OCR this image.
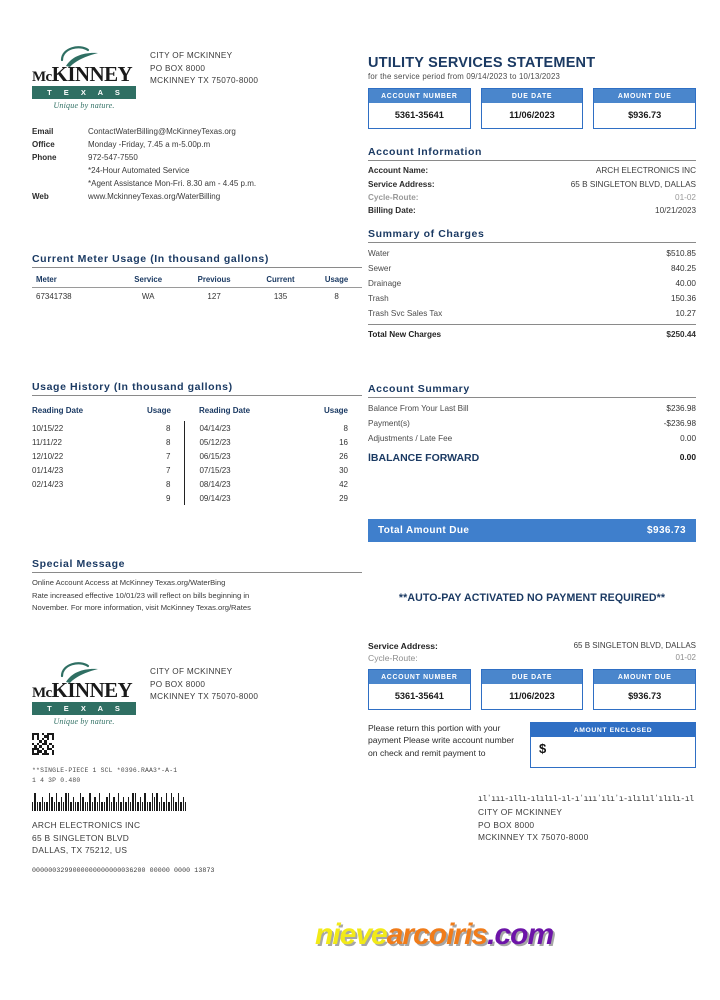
McKINNEY
T E X A S
Unique by nature.
CITY OF MCKINNEY
PO BOX 8000
MCKINNEY TX 75070-8000
Email	ContactWaterBilling@McKinneyTexas.org
Office	Monday -Friday, 7.45 a m-5.00p.m
Phone	972-547-7550
*24-Hour Automated Service
*Agent Assistance Mon-Fri. 8.30 am - 4.45 p.m.
Web	www.MckinneyTexas.org/WaterBilling
Current Meter Usage (In thousand gallons)
Meter	Service	Previous	Current	Usage
67341738	WA	127	135	8
Usage History (In thousand gallons)
Reading Date	Usage	Reading Date	Usage
10/15/22	8	04/14/23	8
11/11/22	8	05/12/23	16
12/10/22	7	06/15/23	26
01/14/23	7	07/15/23	30
02/14/23	8	08/14/23	42
	9	09/14/23	29
Special Message
Online Account Access at McKinney Texas.org/WaterBing
Rate increased effective 10/01/23 will reflect on bills beginning in
November. For more information, visit McKinney Texas.org/Rates
McKINNEY
T E X A S
Unique by nature.
CITY OF MCKINNEY
PO BOX 8000
MCKINNEY TX 75070-8000
**SINGLE-PIECE 1 SCL *0396.RAA3*-A-1
1 4 3P 0.480
ARCH ELECTRONICS INC
65 B SINGLETON BLVD
DALLAS, TX 75212, US
0000003299000000000000036200 00000 0000 13873
UTILITY SERVICES STATEMENT
for the service period from 09/14/2023 to 10/13/2023
ACCOUNT NUMBER
5361-35641
DUE DATE
11/06/2023
AMOUNT DUE
$936.73
Account Information
Account Name:	ARCH ELECTRONICS INC
Service Address:	65 B SINGLETON BLVD, DALLAS
Cycle-Route:	01-02
Billing Date:	10/21/2023
Summary of Charges
Water	$510.85
Sewer	840.25
Drainage	40.00
Trash	150.36
Trash Svc Sales Tax	10.27
Total New Charges	$250.44
Account Summary
Balance From Your Last Bill	$236.98
Payment(s)	-$236.98
Adjustments / Late Fee	0.00
lBALANCE FORWARD	0.00
Total Amount Due	$936.73
**AUTO-PAY ACTIVATED NO PAYMENT REQUIRED**
Service Address:	65 B SINGLETON BLVD, DALLAS
Cycle-Route:	01-02
ACCOUNT NUMBER
5361-35641
DUE DATE
11/06/2023
AMOUNT DUE
$936.73
Please return this portion with your payment Please write account number on check and remit payment to
AMOUNT ENCLOSED
$
ılʼııı-ıllı-ılılıl-ıl-ıʼıııʼılıʼı-ılılılʼılılı-ıl
CITY OF MCKINNEY
PO BOX 8000
MCKINNEY TX 75070-8000
nievearcoiris.com
